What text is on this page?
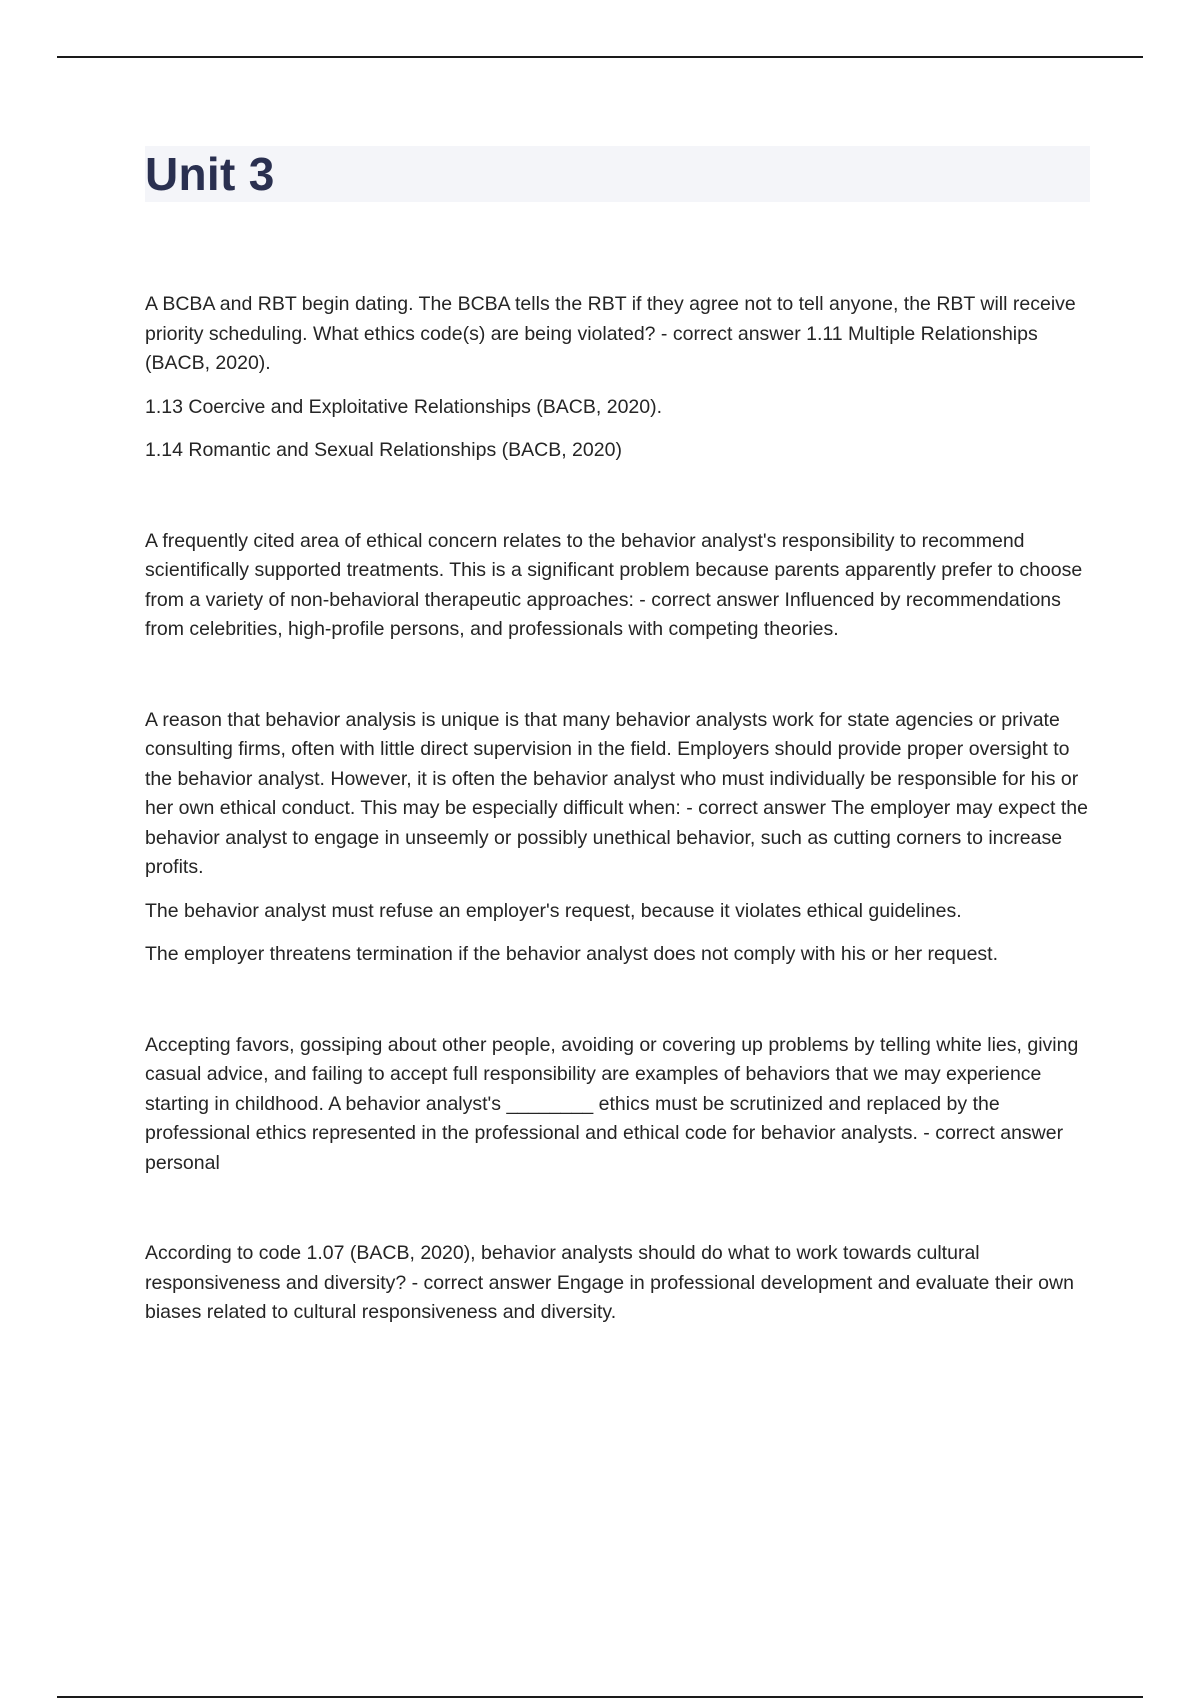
Unit 3

A BCBA and RBT begin dating. The BCBA tells the RBT if they agree not to tell anyone, the RBT will receive priority scheduling. What ethics code(s) are being violated? - correct answer 1.11 Multiple Relationships (BACB, 2020).

1.13 Coercive and Exploitative Relationships (BACB, 2020).

1.14 Romantic and Sexual Relationships (BACB, 2020)

A frequently cited area of ethical concern relates to the behavior analyst's responsibility to recommend scientifically supported treatments. This is a significant problem because parents apparently prefer to choose from a variety of non-behavioral therapeutic approaches: - correct answer Influenced by recommendations from celebrities, high-profile persons, and professionals with competing theories.

A reason that behavior analysis is unique is that many behavior analysts work for state agencies or private consulting firms, often with little direct supervision in the field. Employers should provide proper oversight to the behavior analyst. However, it is often the behavior analyst who must individually be responsible for his or her own ethical conduct. This may be especially difficult when: - correct answer The employer may expect the behavior analyst to engage in unseemly or possibly unethical behavior, such as cutting corners to increase profits.

The behavior analyst must refuse an employer's request, because it violates ethical guidelines.

The employer threatens termination if the behavior analyst does not comply with his or her request.

Accepting favors, gossiping about other people, avoiding or covering up problems by telling white lies, giving casual advice, and failing to accept full responsibility are examples of behaviors that we may experience starting in childhood. A behavior analyst's ________ ethics must be scrutinized and replaced by the professional ethics represented in the professional and ethical code for behavior analysts. - correct answer personal

According to code 1.07 (BACB, 2020), behavior analysts should do what to work towards cultural responsiveness and diversity? - correct answer Engage in professional development and evaluate their own biases related to cultural responsiveness and diversity.
